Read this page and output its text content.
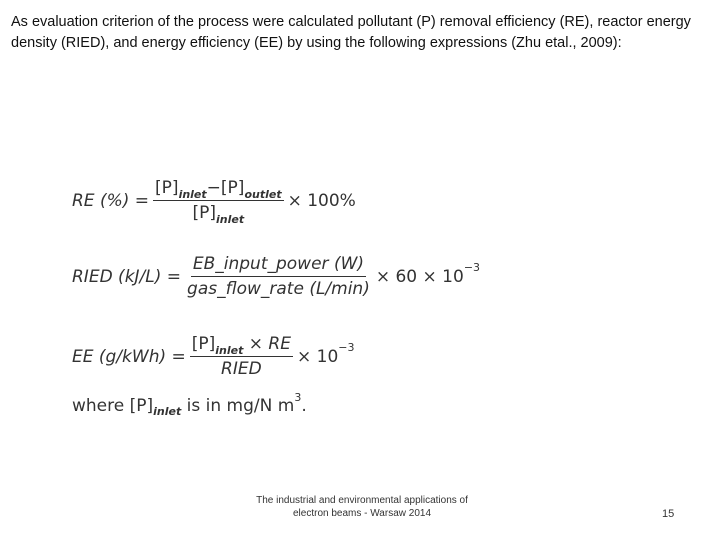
As evaluation criterion of the process were calculated pollutant (P) removal efficiency (RE), reactor energy density (RIED), and energy efficiency (EE) by using the following expressions (Zhu etal., 2009):

RE (%) = $\frac{[P]_{inlet}-[P]_{outlet}}{[P]_{inlet}} \times 100\%$
RIED $(kJ/L) = \frac{\text{EB\_input\_power (W)}}{\text{gas\_flow\_rate (L/min)}} \times 60 \times 10 -3$
EE $(g/kWh) = \frac{[P]_{inlet} \times RE}{\text{RIED}} \times 10 -3$
where
[P] inlet
is in mg/N m 3 .
The industrial and environmental applications of electron beams - Warsaw 2014	15
